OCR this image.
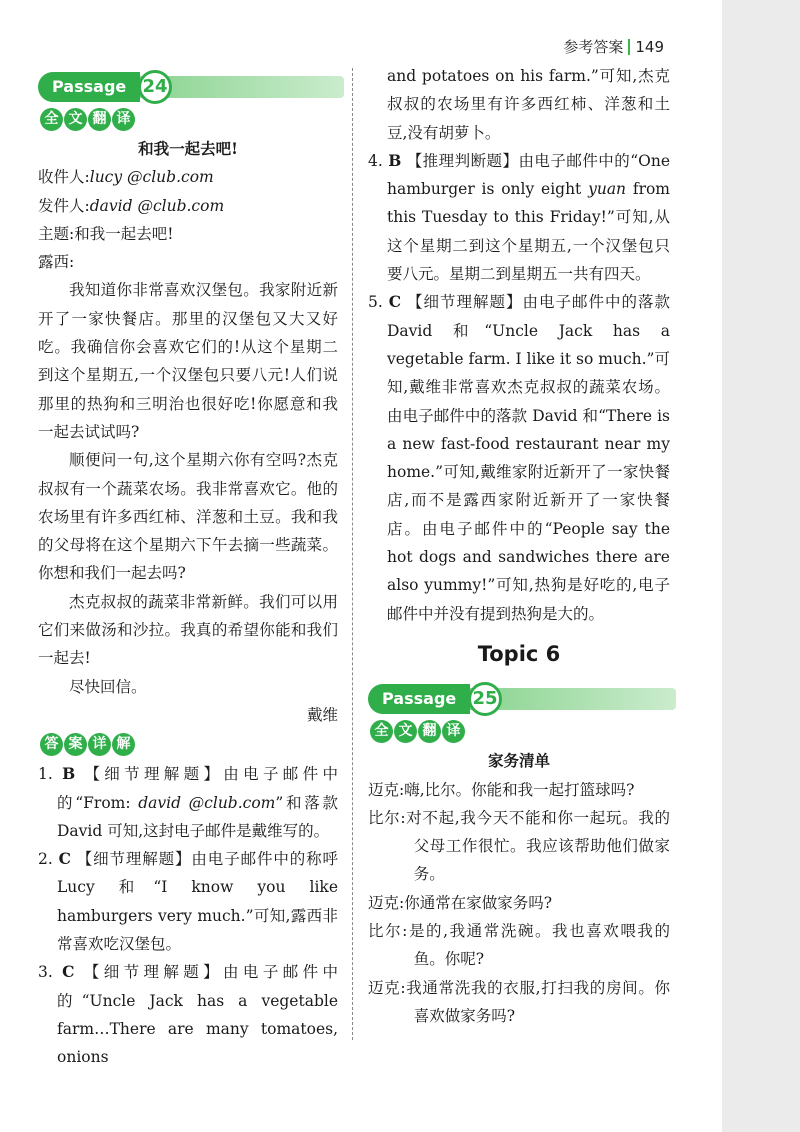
参考答案 149
Passage 24
全 文 翻 译

和我一起去吧!

收件人:lucy @club.com

发件人:david @club.com

主题:和我一起去吧!

露西:

我知道你非常喜欢汉堡包。我家附近新开了一家快餐店。那里的汉堡包又大又好吃。我确信你会喜欢它们的!从这个星期二到这个星期五,一个汉堡包只要八元!人们说那里的热狗和三明治也很好吃!你愿意和我一起去试试吗?

顺便问一句,这个星期六你有空吗?杰克叔叔有一个蔬菜农场。我非常喜欢它。他的农场里有许多西红柿、洋葱和土豆。我和我的父母将在这个星期六下午去摘一些蔬菜。你想和我们一起去吗?

杰克叔叔的蔬菜非常新鲜。我们可以用它们来做汤和沙拉。我真的希望你能和我们一起去!

尽快回信。

戴维

答 案 详 解

1. B 【细节理解题】由电子邮件中的“From: david @club.com”和落款 David 可知,这封电子邮件是戴维写的。

2. C 【细节理解题】由电子邮件中的称呼 Lucy 和“I know you like hamburgers very much.”可知,露西非常喜欢吃汉堡包。

3. C 【细节理解题】由电子邮件中的“Uncle Jack has a vegetable farm…There are many tomatoes, onions

and potatoes on his farm.”可知,杰克叔叔的农场里有许多西红柿、洋葱和土豆,没有胡萝卜。

4. B 【推理判断题】由电子邮件中的“One hamburger is only eight yuan from this Tuesday to this Friday!”可知,从这个星期二到这个星期五,一个汉堡包只要八元。星期二到星期五一共有四天。

5. C 【细节理解题】由电子邮件中的落款 David 和“Uncle Jack has a vegetable farm. I like it so much.”可知,戴维非常喜欢杰克叔叔的蔬菜农场。由电子邮件中的落款 David 和“There is a new fast-food restaurant near my home.”可知,戴维家附近新开了一家快餐店,而不是露西家附近新开了一家快餐店。由电子邮件中的“People say the hot dogs and sandwiches there are also yummy!”可知,热狗是好吃的,电子邮件中并没有提到热狗是大的。

Topic 6
Passage 25
全 文 翻 译

家务清单

迈克:嗨,比尔。你能和我一起打篮球吗?

比尔:对不起,我今天不能和你一起玩。我的父母工作很忙。我应该帮助他们做家务。

迈克:你通常在家做家务吗?

比尔:是的,我通常洗碗。我也喜欢喂我的鱼。你呢?

迈克:我通常洗我的衣服,打扫我的房间。你喜欢做家务吗?
